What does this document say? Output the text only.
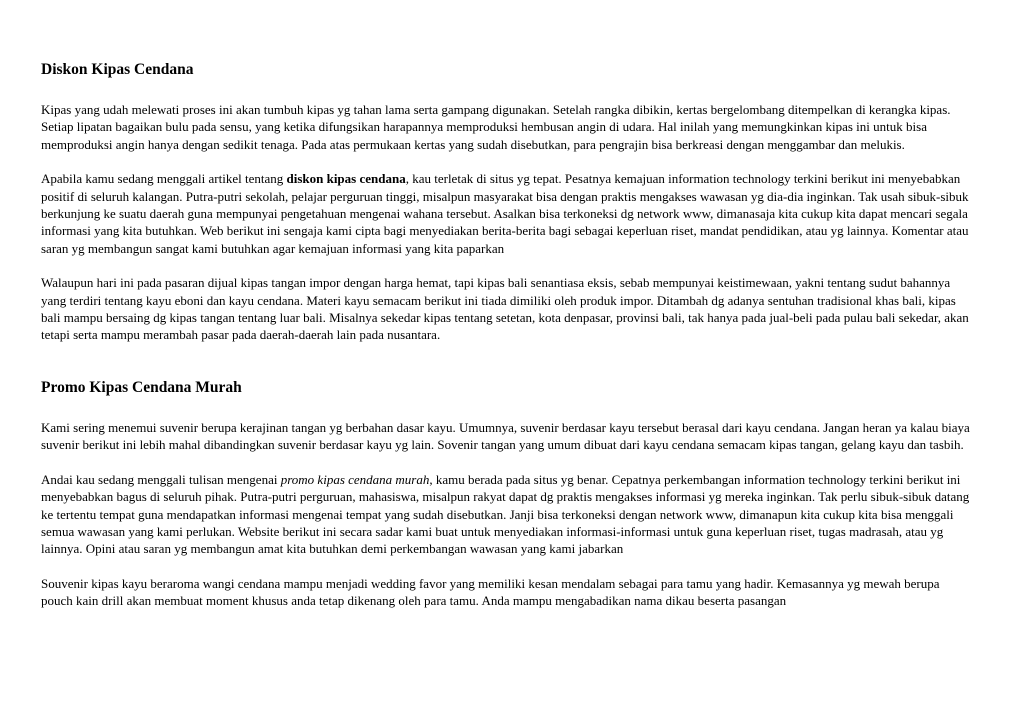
Diskon Kipas Cendana

Kipas yang udah melewati proses ini akan tumbuh kipas yg tahan lama serta gampang digunakan. Setelah rangka dibikin, kertas bergelombang ditempelkan di kerangka kipas. Setiap lipatan bagaikan bulu pada sensu, yang ketika difungsikan harapannya memproduksi hembusan angin di udara. Hal inilah yang memungkinkan kipas ini untuk bisa memproduksi angin hanya dengan sedikit tenaga. Pada atas permukaan kertas yang sudah disebutkan, para pengrajin bisa berkreasi dengan menggambar dan melukis.

Apabila kamu sedang menggali artikel tentang diskon kipas cendana, kau terletak di situs yg tepat. Pesatnya kemajuan information technology terkini berikut ini menyebabkan positif di seluruh kalangan. Putra-putri sekolah, pelajar perguruan tinggi, misalpun masyarakat bisa dengan praktis mengakses wawasan yg dia-dia inginkan. Tak usah sibuk-sibuk berkunjung ke suatu daerah guna mempunyai pengetahuan mengenai wahana tersebut. Asalkan bisa terkoneksi dg network www, dimanasaja kita cukup kita dapat mencari segala informasi yang kita butuhkan. Web berikut ini sengaja kami cipta bagi menyediakan berita-berita bagi sebagai keperluan riset, mandat pendidikan, atau yg lainnya. Komentar atau saran yg membangun sangat kami butuhkan agar kemajuan informasi yang kita paparkan

Walaupun hari ini pada pasaran dijual kipas tangan impor dengan harga hemat, tapi kipas bali senantiasa eksis, sebab mempunyai keistimewaan, yakni tentang sudut bahannya yang terdiri tentang kayu eboni dan kayu cendana. Materi kayu semacam berikut ini tiada dimiliki oleh produk impor. Ditambah dg adanya sentuhan tradisional khas bali, kipas bali mampu bersaing dg kipas tangan tentang luar bali. Misalnya sekedar kipas tentang setetan, kota denpasar, provinsi bali, tak hanya pada jual-beli pada pulau bali sekedar, akan tetapi serta mampu merambah pasar pada daerah-daerah lain pada nusantara.

Promo Kipas Cendana Murah

Kami sering menemui suvenir berupa kerajinan tangan yg berbahan dasar kayu. Umumnya, suvenir berdasar kayu tersebut berasal dari kayu cendana. Jangan heran ya kalau biaya suvenir berikut ini lebih mahal dibandingkan suvenir berdasar kayu yg lain. Sovenir tangan yang umum dibuat dari kayu cendana semacam kipas tangan, gelang kayu dan tasbih.

Andai kau sedang menggali tulisan mengenai promo kipas cendana murah, kamu berada pada situs yg benar. Cepatnya perkembangan information technology terkini berikut ini menyebabkan bagus di seluruh pihak. Putra-putri perguruan, mahasiswa, misalpun rakyat dapat dg praktis mengakses informasi yg mereka inginkan. Tak perlu sibuk-sibuk datang ke tertentu tempat guna mendapatkan informasi mengenai tempat yang sudah disebutkan. Janji bisa terkoneksi dengan network www, dimanapun kita cukup kita bisa menggali semua wawasan yang kami perlukan. Website berikut ini secara sadar kami buat untuk menyediakan informasi-informasi untuk guna keperluan riset, tugas madrasah, atau yg lainnya. Opini atau saran yg membangun amat kita butuhkan demi perkembangan wawasan yang kami jabarkan

Souvenir kipas kayu beraroma wangi cendana mampu menjadi wedding favor yang memiliki kesan mendalam sebagai para tamu yang hadir. Kemasannya yg mewah berupa pouch kain drill akan membuat moment khusus anda tetap dikenang oleh para tamu. Anda mampu mengabadikan nama dikau beserta pasangan
